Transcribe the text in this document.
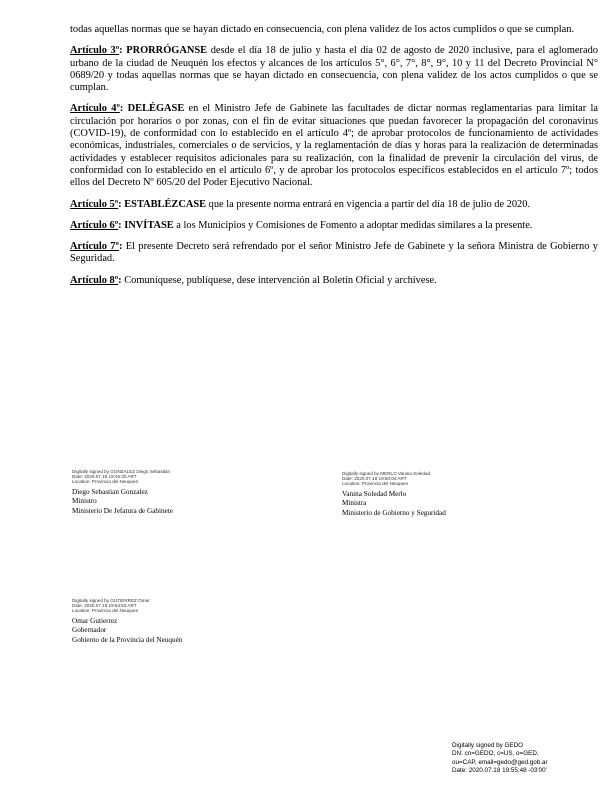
todas aquellas normas que se hayan dictado en consecuencia, con plena validez de los actos cumplidos o que se cumplan.

Artículo 3º: PRORRÓGANSE desde el día 18 de julio y hasta el día 02 de agosto de 2020 inclusive, para el aglomerado urbano de la ciudad de Neuquén los efectos y alcances de los artículos 5°, 6°, 7°, 8°, 9°, 10 y 11 del Decreto Provincial N° 0689/20 y todas aquellas normas que se hayan dictado en consecuencia, con plena validez de los actos cumplidos o que se cumplan.

Artículo 4º: DELÉGASE en el Ministro Jefe de Gabinete las facultades de dictar normas reglamentarias para limitar la circulación por horarios o por zonas, con el fin de evitar situaciones que puedan favorecer la propagación del coronavirus (COVID-19), de conformidad con lo establecido en el artículo 4º; de aprobar protocolos de funcionamiento de actividades económicas, industriales, comerciales o de servicios, y la reglamentación de días y horas para la realización de determinadas actividades y establecer requisitos adicionales para su realización, con la finalidad de prevenir la circulación del virus, de conformidad con lo establecido en el artículo 6º, y de aprobar los protocolos específicos establecidos en el artículo 7º; todos ellos del Decreto Nº 605/20 del Poder Ejecutivo Nacional.

Artículo 5º: ESTABLÉZCASE que la presente norma entrará en vigencia a partir del día 18 de julio de 2020.

Artículo 6º: INVÍTASE a los Municipios y Comisiones de Fomento a adoptar medidas similares a la presente.

Artículo 7º: El presente Decreto será refrendado por el señor Ministro Jefe de Gabinete y la señora Ministra de Gobierno y Seguridad.

Artículo 8º: Comuníquese, publíquese, dese intervención al Boletín Oficial y archívese.

Digitally signed by GONZALEZ Diego Sebastián
Date: 2020.07.18 19:46:30 ART
Location: Provincia del Neuquen
Diego Sebastian Gonzalez
Ministro
Ministerio De Jefatura de Gabinete
Digitally signed by MERLO Vanina Soledad
Date: 2020.07.18 19:50:04 ART
Location: Provincia del Neuquen
Vanina Soledad Merlo
Ministra
Ministerio de Gobierno y Seguridad
Digitally signed by GUTIERREZ Omar
Date: 2020.07.18 19:54:53 ART
Location: Provincia del Neuquen
Omar Gutierrez
Gobernador
Gobierno de la Provincia del Neuquén
Digitally signed by GEDO
DN: cn=GEDO, c=US, o=GED,
ou=CAP, email=gedo@ged.gob.ar
Date: 2020.07.18 19:55:48 -03'00'
